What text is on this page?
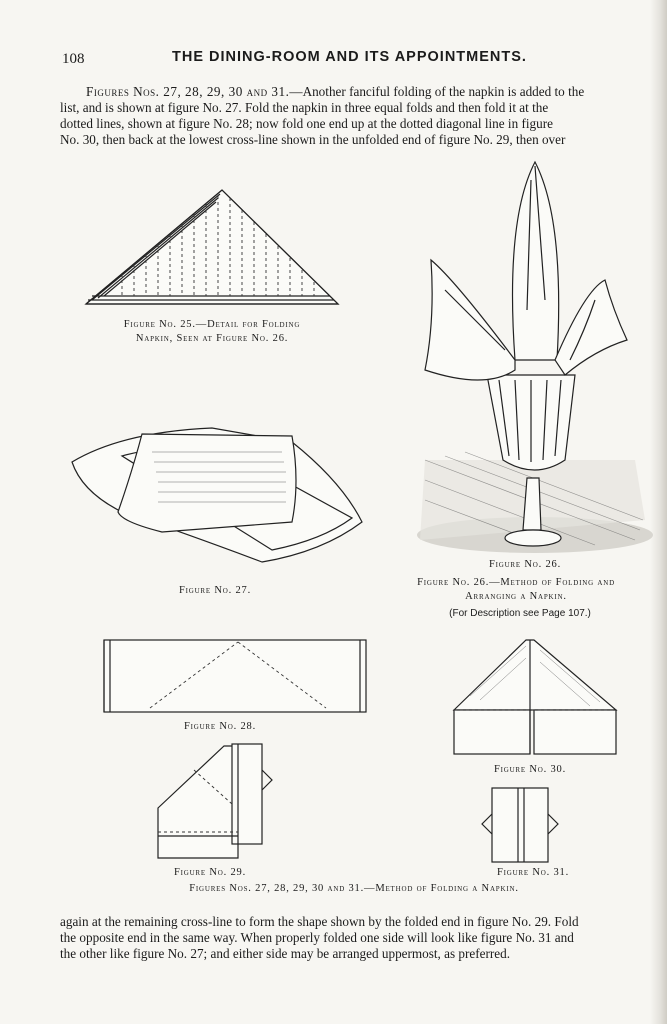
108	THE DINING-ROOM AND ITS APPOINTMENTS.
Figures Nos. 27, 28, 29, 30 and 31.—Another fanciful folding of the napkin is added to the
list, and is shown at figure No. 27. Fold the napkin in three equal folds and then fold it at the
dotted lines, shown at figure No. 28; now fold one end up at the dotted diagonal line in figure
No. 30, then back at the lowest cross-line shown in the unfolded end of figure No. 29, then over
Figure No. 25.—Detail for Folding
Napkin, Seen at Figure No. 26.
Figure No. 26.
Figure No. 26.—Method of Folding and
Arranging a Napkin.
(For Description see Page 107.)
Figure No. 27.
Figure No. 28.
Figure No. 30.
Figure No. 29.	Figure No. 31.
Figures Nos. 27, 28, 29, 30 and 31.—Method of Folding a Napkin.
again at the remaining cross-line to form the shape shown by the folded end in figure No. 29. Fold
the opposite end in the same way. When properly folded one side will look like figure No. 31 and
the other like figure No. 27; and either side may be arranged uppermost, as preferred.
